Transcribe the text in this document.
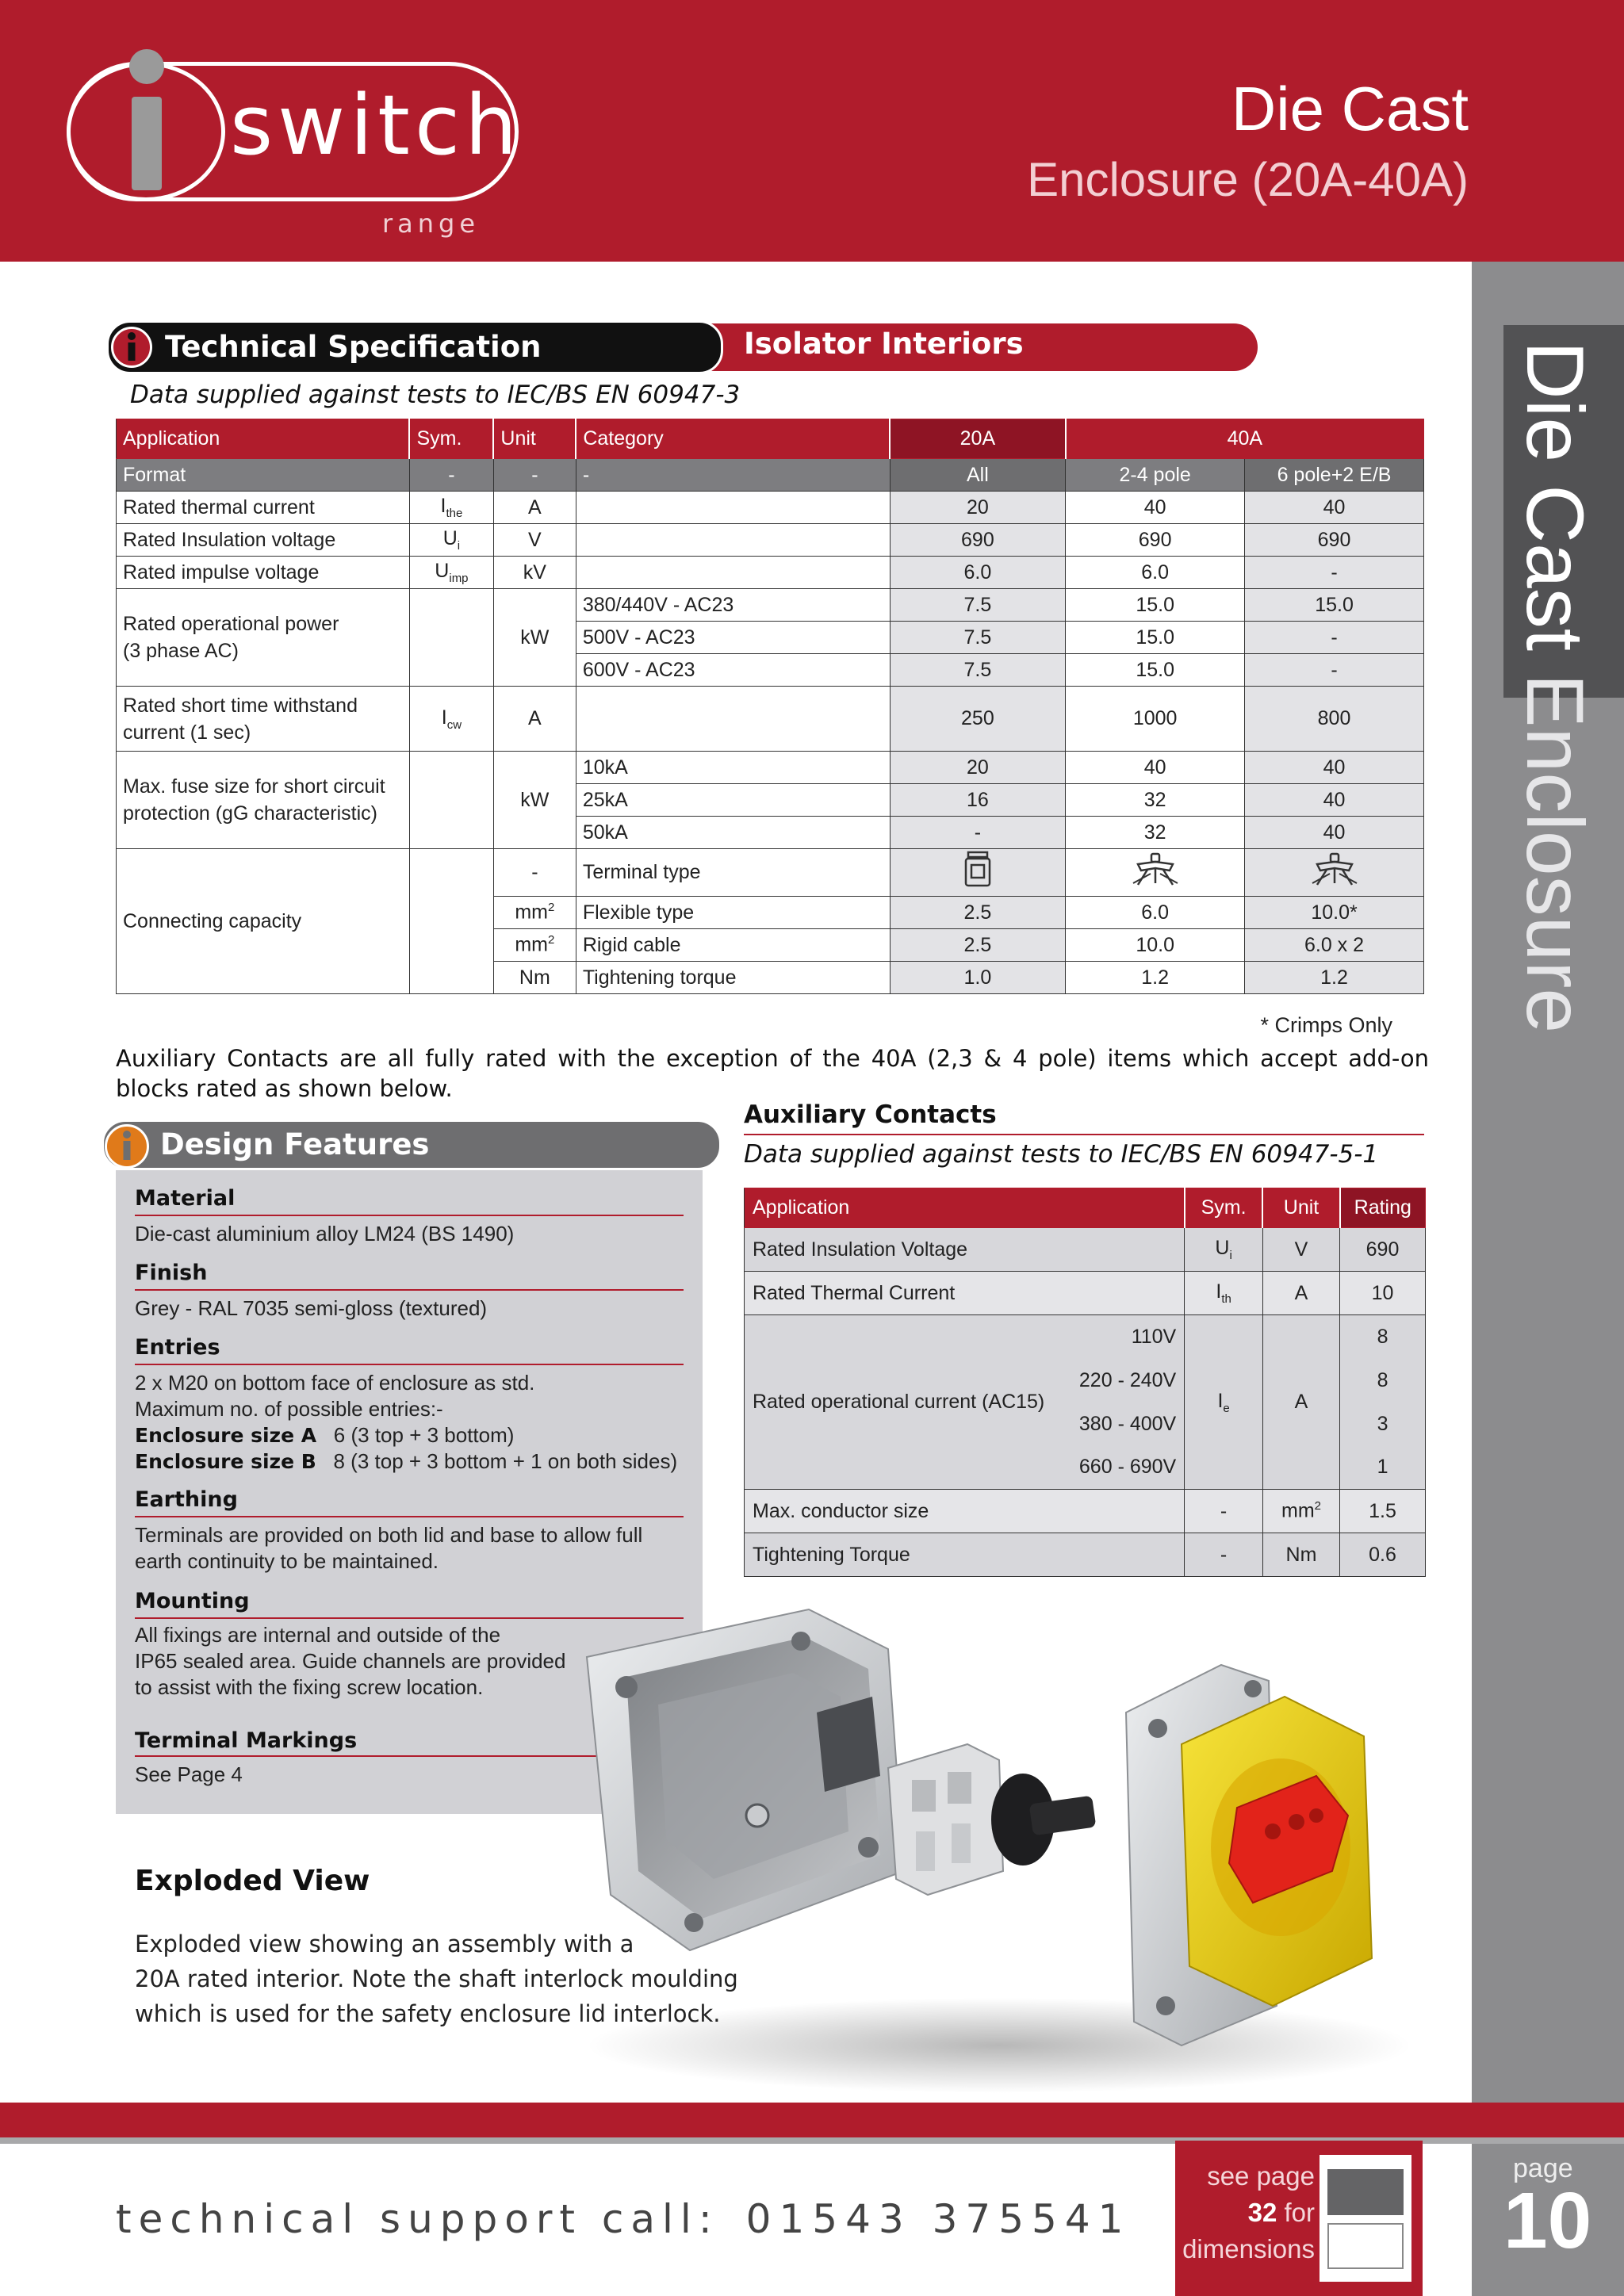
switch
range
Die Cast
Enclosure (20A-40A)
Die Cast Enclosure
Isolator Interiors
Technical Specification
Data supplied against tests to IEC/BS EN 60947-3
Application	Sym.	Unit	Category	20A	40A	
Format	-	-	-	All	2-4 pole	6 pole+2 E/B
Rated thermal current	$I_{the}$	A		20	40	40
Rated Insulation voltage	$U_i$	V		690	690	690
Rated impulse voltage	$U_{imp}$	kV		6.0	6.0	-
Rated operational power
(3 phase AC)		kW	380/440V - AC23	7.5	15.0	15.0
			500V - AC23	7.5	15.0	-
			600V - AC23	7.5	15.0	-
Rated short time withstand
current (1 sec)	$I_{cw}$	A		250	1000	800
Max. fuse size for short circuit
protection (gG characteristic)		kW	10kA	20	40	40
			25kA	16	32	40
			50kA	-	32	40
Connecting capacity		-	Terminal type			
		$mm^2$	Flexible type	2.5	6.0	10.0*
		$mm^2$	Rigid cable	2.5	10.0	6.0 x 2
		Nm	Tightening torque	1.0	1.2	1.2
* Crimps Only
Auxiliary Contacts are all fully rated with the exception of the 40A (2,3 & 4 pole) items which accept add-on blocks rated as shown below.
Design Features
Material
Die-cast aluminium alloy LM24 (BS 1490)
Finish
Grey - RAL 7035 semi-gloss (textured)
Entries
2 x M20 on bottom face of enclosure as std.
Maximum no. of possible entries:-
Enclosure size A 6 (3 top + 3 bottom)
Enclosure size B 8 (3 top + 3 bottom + 1 on both sides)
Earthing
Terminals are provided on both lid and base to allow full
earth continuity to be maintained.
Mounting
All fixings are internal and outside of the
IP65 sealed area. Guide channels are provided
to assist with the fixing screw location.
Terminal Markings
See Page 4
Exploded View
Exploded view showing an assembly with a
20A rated interior. Note the shaft interlock moulding
which is used for the safety enclosure lid interlock.
Auxiliary Contacts
Data supplied against tests to IEC/BS EN 60947-5-1
Application		Sym.	Unit	Rating
Rated Insulation Voltage		$U_i$	V	690
Rated Thermal Current		$I_{th}$	A	10
Rated operational current (AC15)	110V	$I_e$	A	8
	220 - 240V			8
	380 - 400V			3
	660 - 690V			1
Max. conductor size		-	$mm^2$	1.5
Tightening Torque		-	Nm	0.6
technical support call: 01543 375541
see page
32 for
dimensions
page
10
